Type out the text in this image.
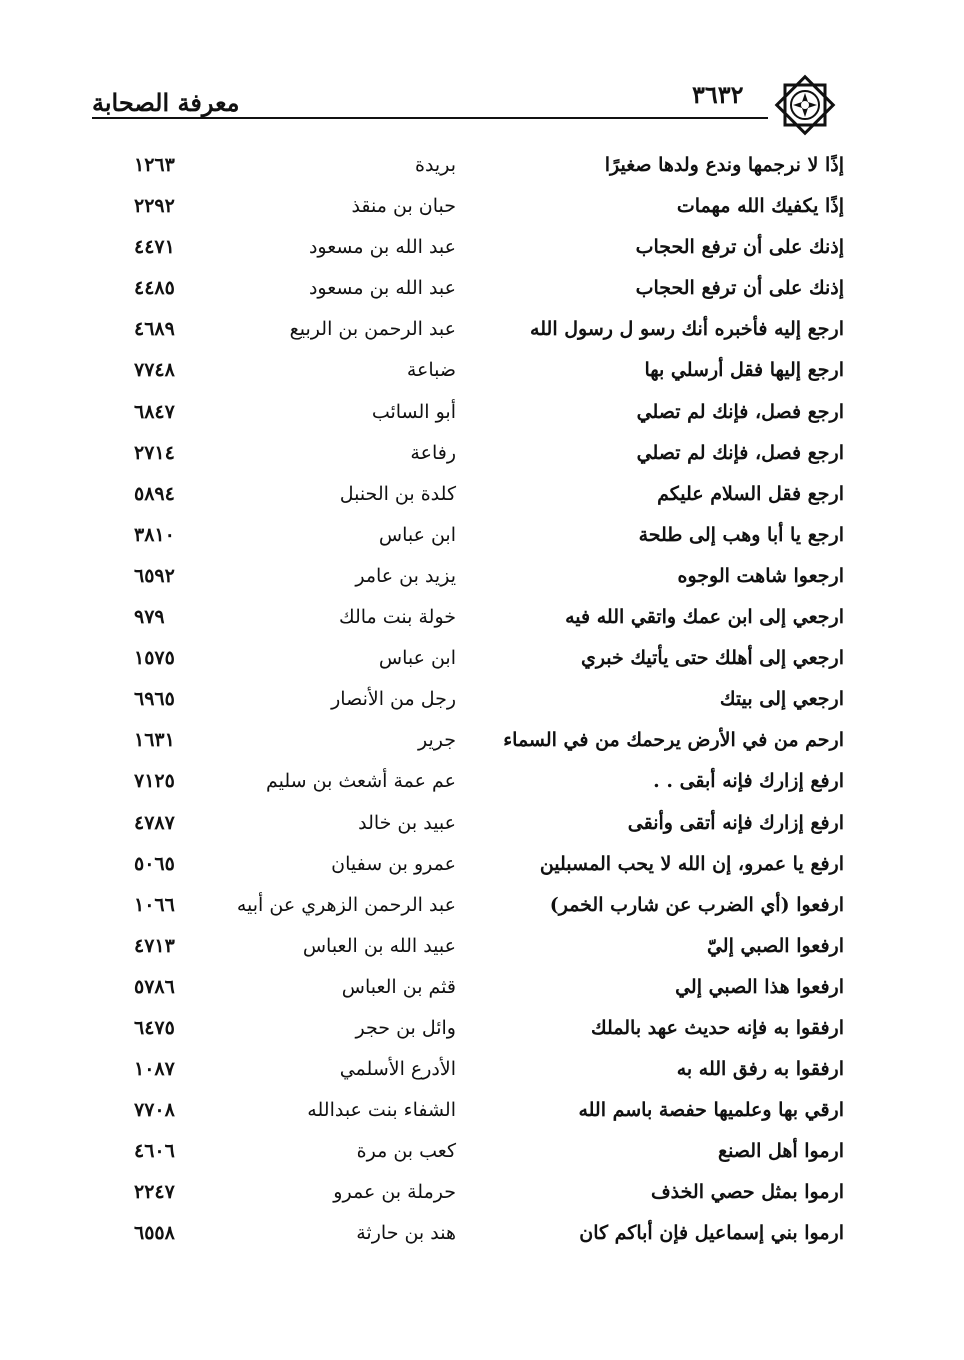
٣٦٣٢
معرفة الصحابة
إذًا لا نرجمها وندع ولدها صغيرًا
بريدة
١٢٦٣
إذًا يكفيك الله مهمات
حبان بن منقذ
٢٢٩٢
إذنك على أن ترفع الحجاب
عبد الله بن مسعود
٤٤٧١
إذنك على أن ترفع الحجاب
عبد الله بن مسعود
٤٤٨٥
ارجع إليه فأخبره أنك رسو ل رسول الله
عبد الرحمن بن الربيع
٤٦٨٩
ارجع إليها فقل أرسلي بها
ضباعة
٧٧٤٨
ارجع فصل، فإنك لم تصلي
أبو السائب
٦٨٤٧
ارجع فصل، فإنك لم تصلي
رفاعة
٢٧١٤
ارجع فقل السلام عليكم
كلدة بن الحنبل
٥٨٩٤
ارجع يا أبا وهب إلى طلحة
ابن عباس
٣٨١٠
ارجعوا شاهت الوجوه
يزيد بن عامر
٦٥٩٢
ارجعي إلى ابن عمك واتقي الله فيه
خولة بنت مالك
٩٧٩
ارجعي إلى أهلك حتى يأتيك خبري
ابن عباس
١٥٧٥
ارجعي إلى بيتك
رجل من الأنصار
٦٩٦٥
ارحم من في الأرض يرحمك من في السماء
جرير
١٦٣١
ارفع إزارك فإنه أبقى . .
عم عمة أشعث بن سليم
٧١٢٥
ارفع إزارك فإنه أتقى وأنقى
عبيد بن خالد
٤٧٨٧
ارفع يا عمرو، إن الله لا يحب المسبلين
عمرو بن سفيان
٥٠٦٥
ارفعوا (أي الضرب عن شارب الخمر)
عبد الرحمن الزهري عن أبيه
١٠٦٦
ارفعوا الصبي إليّ
عبيد الله بن العباس
٤٧١٣
ارفعوا هذا الصبي إلي
قثم بن العباس
٥٧٨٦
ارفقوا به فإنه حديث عهد بالملك
وائل بن حجر
٦٤٧٥
ارفقوا به رفق الله به
الأدرع الأسلمي
١٠٨٧
ارقي بها وعلميها حفصة باسم الله
الشفاء بنت عبدالله
٧٧٠٨
ارموا أهل الصنع
كعب بن مرة
٤٦٠٦
ارموا بمثل حصي الخذف
حرملة بن عمرو
٢٢٤٧
ارموا بني إسماعيل فإن أباكم كان
هند بن حارثة
٦٥٥٨
